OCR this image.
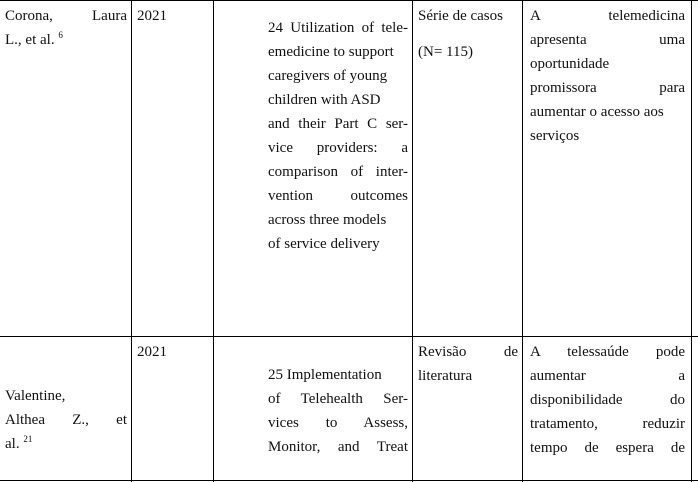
Corona, Laura
L., et al. $^6$
2021
24 Utilization of tele-
emedicine to support
caregivers of young
children with ASD
and their Part C ser-
vice providers: a
comparison of inter-
vention outcomes
across three models
of service delivery
Série de casos
(N= 115)
A telemedicina
apresenta uma
oportunidade
promissora para
aumentar o acesso aos
serviços
Valentine,
Althea Z., et
al. $^{21}$
2021
25 Implementation
of Telehealth Ser-
vices to Assess,
Monitor, and Treat
Revisão de
literatura
A telessaúde pode
aumentar a
disponibilidade do
tratamento, reduzir
tempo de espera de
